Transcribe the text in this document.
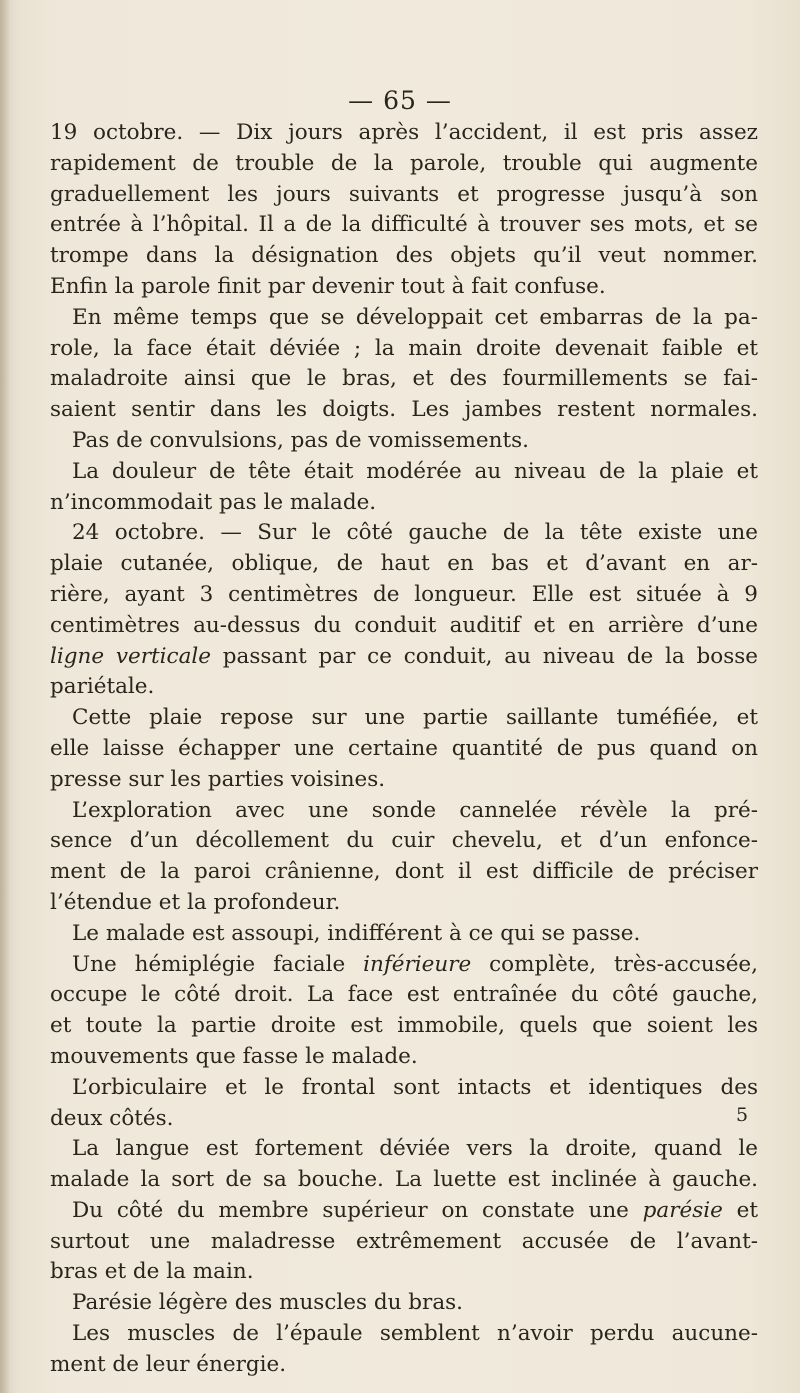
— 65 —
19 octobre. — Dix jours après l’accident, il est pris assez
rapidement de trouble de la parole, trouble qui augmente
graduellement les jours suivants et progresse jusqu’à son
entrée à l’hôpital. Il a de la difficulté à trouver ses mots, et se
trompe dans la désignation des objets qu’il veut nommer.
Enfin la parole finit par devenir tout à fait confuse.
En même temps que se développait cet embarras de la pa-
role, la face était déviée ; la main droite devenait faible et
maladroite ainsi que le bras, et des fourmillements se fai-
saient sentir dans les doigts. Les jambes restent normales.
Pas de convulsions, pas de vomissements.
La douleur de tête était modérée au niveau de la plaie et
n’incommodait pas le malade.
24 octobre. — Sur le côté gauche de la tête existe une
plaie cutanée, oblique, de haut en bas et d’avant en ar-
rière, ayant 3 centimètres de longueur. Elle est située à 9
centimètres au-dessus du conduit auditif et en arrière d’une
ligne verticale passant par ce conduit, au niveau de la bosse
pariétale.
Cette plaie repose sur une partie saillante tuméfiée, et
elle laisse échapper une certaine quantité de pus quand on
presse sur les parties voisines.
L’exploration avec une sonde cannelée révèle la pré-
sence d’un décollement du cuir chevelu, et d’un enfonce-
ment de la paroi crânienne, dont il est difficile de préciser
l’étendue et la profondeur.
Le malade est assoupi, indifférent à ce qui se passe.
Une hémiplégie faciale inférieure complète, très-accusée,
occupe le côté droit. La face est entraînée du côté gauche,
et toute la partie droite est immobile, quels que soient les
mouvements que fasse le malade.
L’orbiculaire et le frontal sont intacts et identiques des
deux côtés.
La langue est fortement déviée vers la droite, quand le
malade la sort de sa bouche. La luette est inclinée à gauche.
Du côté du membre supérieur on constate une parésie et
surtout une maladresse extrêmement accusée de l’avant-
bras et de la main.
Parésie légère des muscles du bras.
Les muscles de l’épaule semblent n’avoir perdu aucune-
ment de leur énergie.
5
